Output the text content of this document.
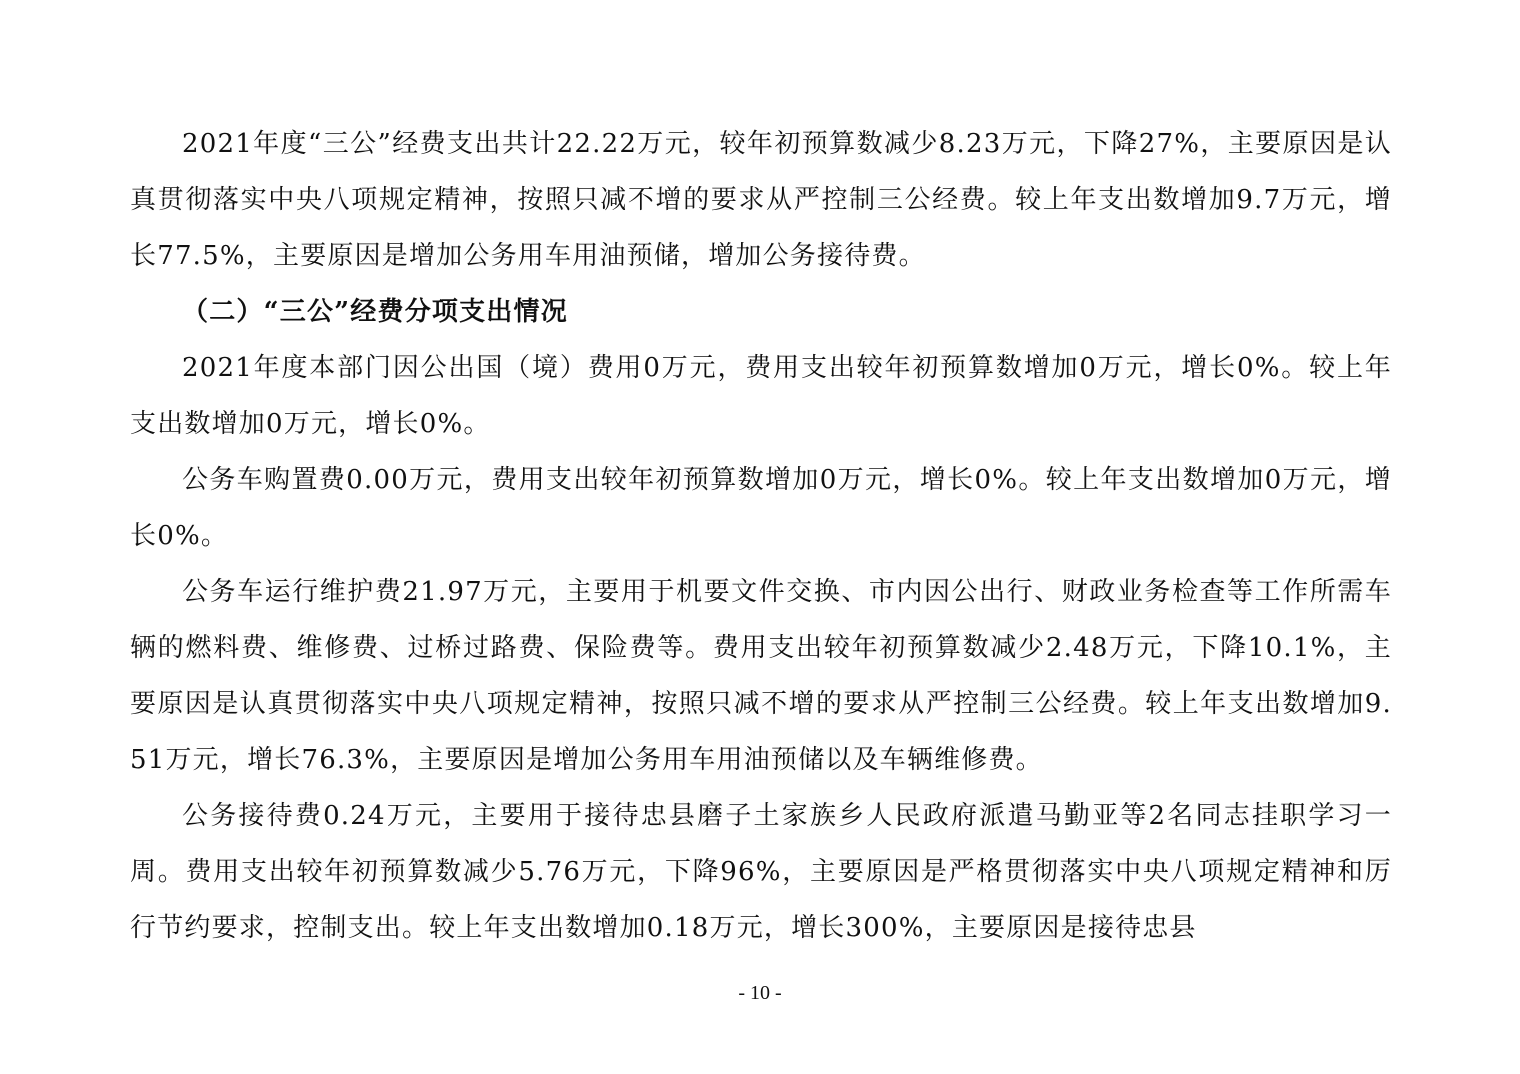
2021年度“三公”经费支出共计22.22万元，较年初预算数减少8.23万元，下降27%，主要原因是认真贯彻落实中央八项规定精神，按照只减不增的要求从严控制三公经费。较上年支出数增加9.7万元，增长77.5%，主要原因是增加公务用车用油预储，增加公务接待费。

（二）“三公”经费分项支出情况

2021年度本部门因公出国（境）费用0万元，费用支出较年初预算数增加0万元，增长0%。较上年支出数增加0万元，增长0%。

公务车购置费0.00万元，费用支出较年初预算数增加0万元，增长0%。较上年支出数增加0万元，增长0%。

公务车运行维护费21.97万元，主要用于机要文件交换、市内因公出行、财政业务检查等工作所需车辆的燃料费、维修费、过桥过路费、保险费等。费用支出较年初预算数减少2.48万元，下降10.1%，主要原因是认真贯彻落实中央八项规定精神，按照只减不增的要求从严控制三公经费。较上年支出数增加9.51万元，增长76.3%，主要原因是增加公务用车用油预储以及车辆维修费。

公务接待费0.24万元，主要用于接待忠县磨子土家族乡人民政府派遣马勤亚等2名同志挂职学习一周。费用支出较年初预算数减少5.76万元，下降96%，主要原因是严格贯彻落实中央八项规定精神和厉行节约要求，控制支出。较上年支出数增加0.18万元，增长300%，主要原因是接待忠县

- 10 -
